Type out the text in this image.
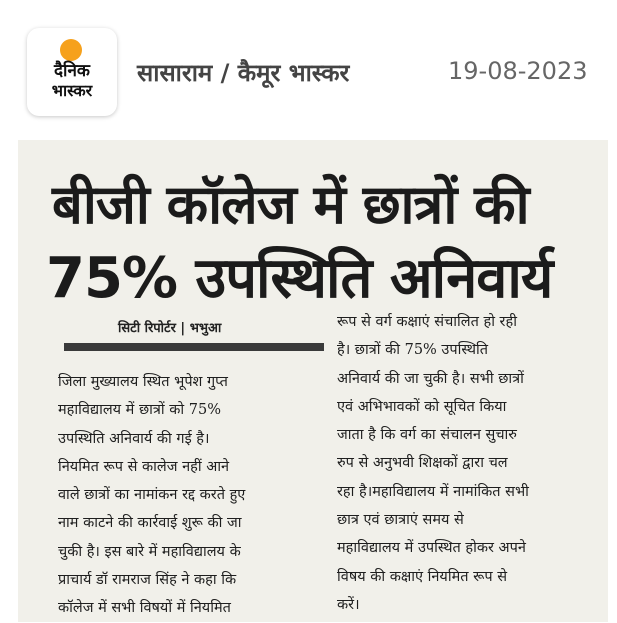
दैनिक
भास्कर
सासाराम / कैमूर भास्कर	19-08-2023
बीजी कॉलेज में छात्रों की
75% उपस्थिति अनिवार्य
सिटी रिपोर्टर | भभुआ
जिला मुख्यालय स्थित भूपेश गुप्त
महाविद्यालय में छात्रों को 75%
उपस्थिति अनिवार्य की गई है।
नियमित रूप से कालेज नहीं आने
वाले छात्रों का नामांकन रद्द करते हुए
नाम काटने की कार्रवाई शुरू की जा
चुकी है। इस बारे में महाविद्यालय के
प्राचार्य डॉ रामराज सिंह ने कहा कि
कॉलेज में सभी विषयों में नियमित
रूप से वर्ग कक्षाएं संचालित हो रही
है। छात्रों की 75% उपस्थिति
अनिवार्य की जा चुकी है। सभी छात्रों
एवं अभिभावकों को सूचित किया
जाता है कि वर्ग का संचालन सुचारु
रुप से अनुभवी शिक्षकों द्वारा चल
रहा है।महाविद्यालय में नामांकित सभी
छात्र एवं छात्राएं समय से
महाविद्यालय में उपस्थित होकर अपने
विषय की कक्षाएं नियमित रूप से
करें।
